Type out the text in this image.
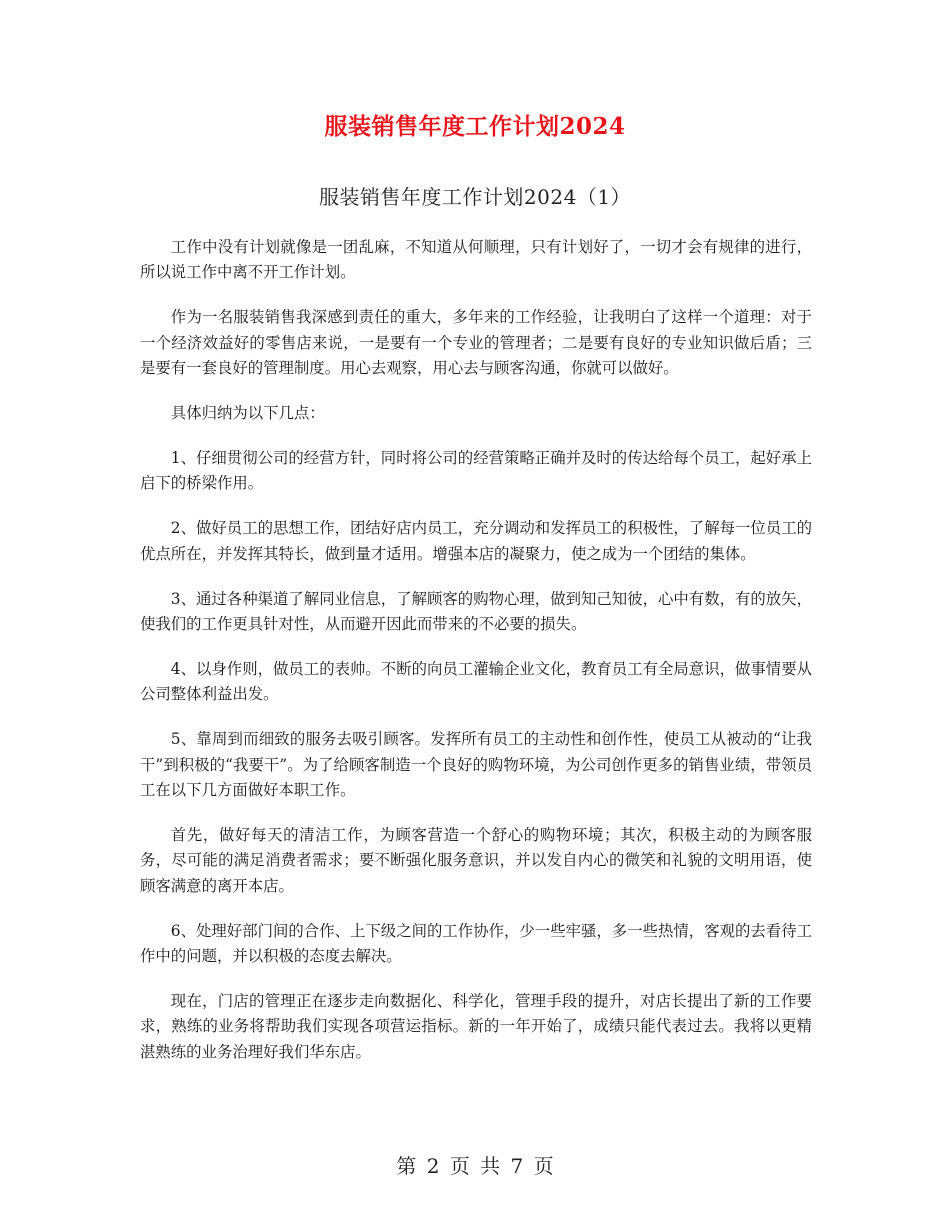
服装销售年度工作计划2024
服装销售年度工作计划2024（1）

工作中没有计划就像是一团乱麻，不知道从何顺理，只有计划好了，一切才会有规律的进行，所以说工作中离不开工作计划。

作为一名服装销售我深感到责任的重大，多年来的工作经验，让我明白了这样一个道理：对于一个经济效益好的零售店来说，一是要有一个专业的管理者；二是要有良好的专业知识做后盾；三是要有一套良好的管理制度。用心去观察，用心去与顾客沟通，你就可以做好。

具体归纳为以下几点：

1、仔细贯彻公司的经营方针，同时将公司的经营策略正确并及时的传达给每个员工，起好承上启下的桥梁作用。

2、做好员工的思想工作，团结好店内员工，充分调动和发挥员工的积极性，了解每一位员工的优点所在，并发挥其特长，做到量才适用。增强本店的凝聚力，使之成为一个团结的集体。

3、通过各种渠道了解同业信息，了解顾客的购物心理，做到知己知彼，心中有数，有的放矢，使我们的工作更具针对性，从而避开因此而带来的不必要的损失。

4、以身作则，做员工的表帅。不断的向员工灌输企业文化，教育员工有全局意识，做事情要从公司整体利益出发。

5、靠周到而细致的服务去吸引顾客。发挥所有员工的主动性和创作性，使员工从被动的“让我干”到积极的“我要干”。为了给顾客制造一个良好的购物环境，为公司创作更多的销售业绩，带领员工在以下几方面做好本职工作。

首先，做好每天的清洁工作，为顾客营造一个舒心的购物环境；其次，积极主动的为顾客服务，尽可能的满足消费者需求；要不断强化服务意识，并以发自内心的微笑和礼貌的文明用语，使顾客满意的离开本店。

6、处理好部门间的合作、上下级之间的工作协作，少一些牢骚，多一些热情，客观的去看待工作中的问题，并以积极的态度去解决。

现在，门店的管理正在逐步走向数据化、科学化，管理手段的提升，对店长提出了新的工作要求，熟练的业务将帮助我们实现各项营运指标。新的一年开始了，成绩只能代表过去。我将以更精湛熟练的业务治理好我们华东店。

第 2 页 共 7 页
